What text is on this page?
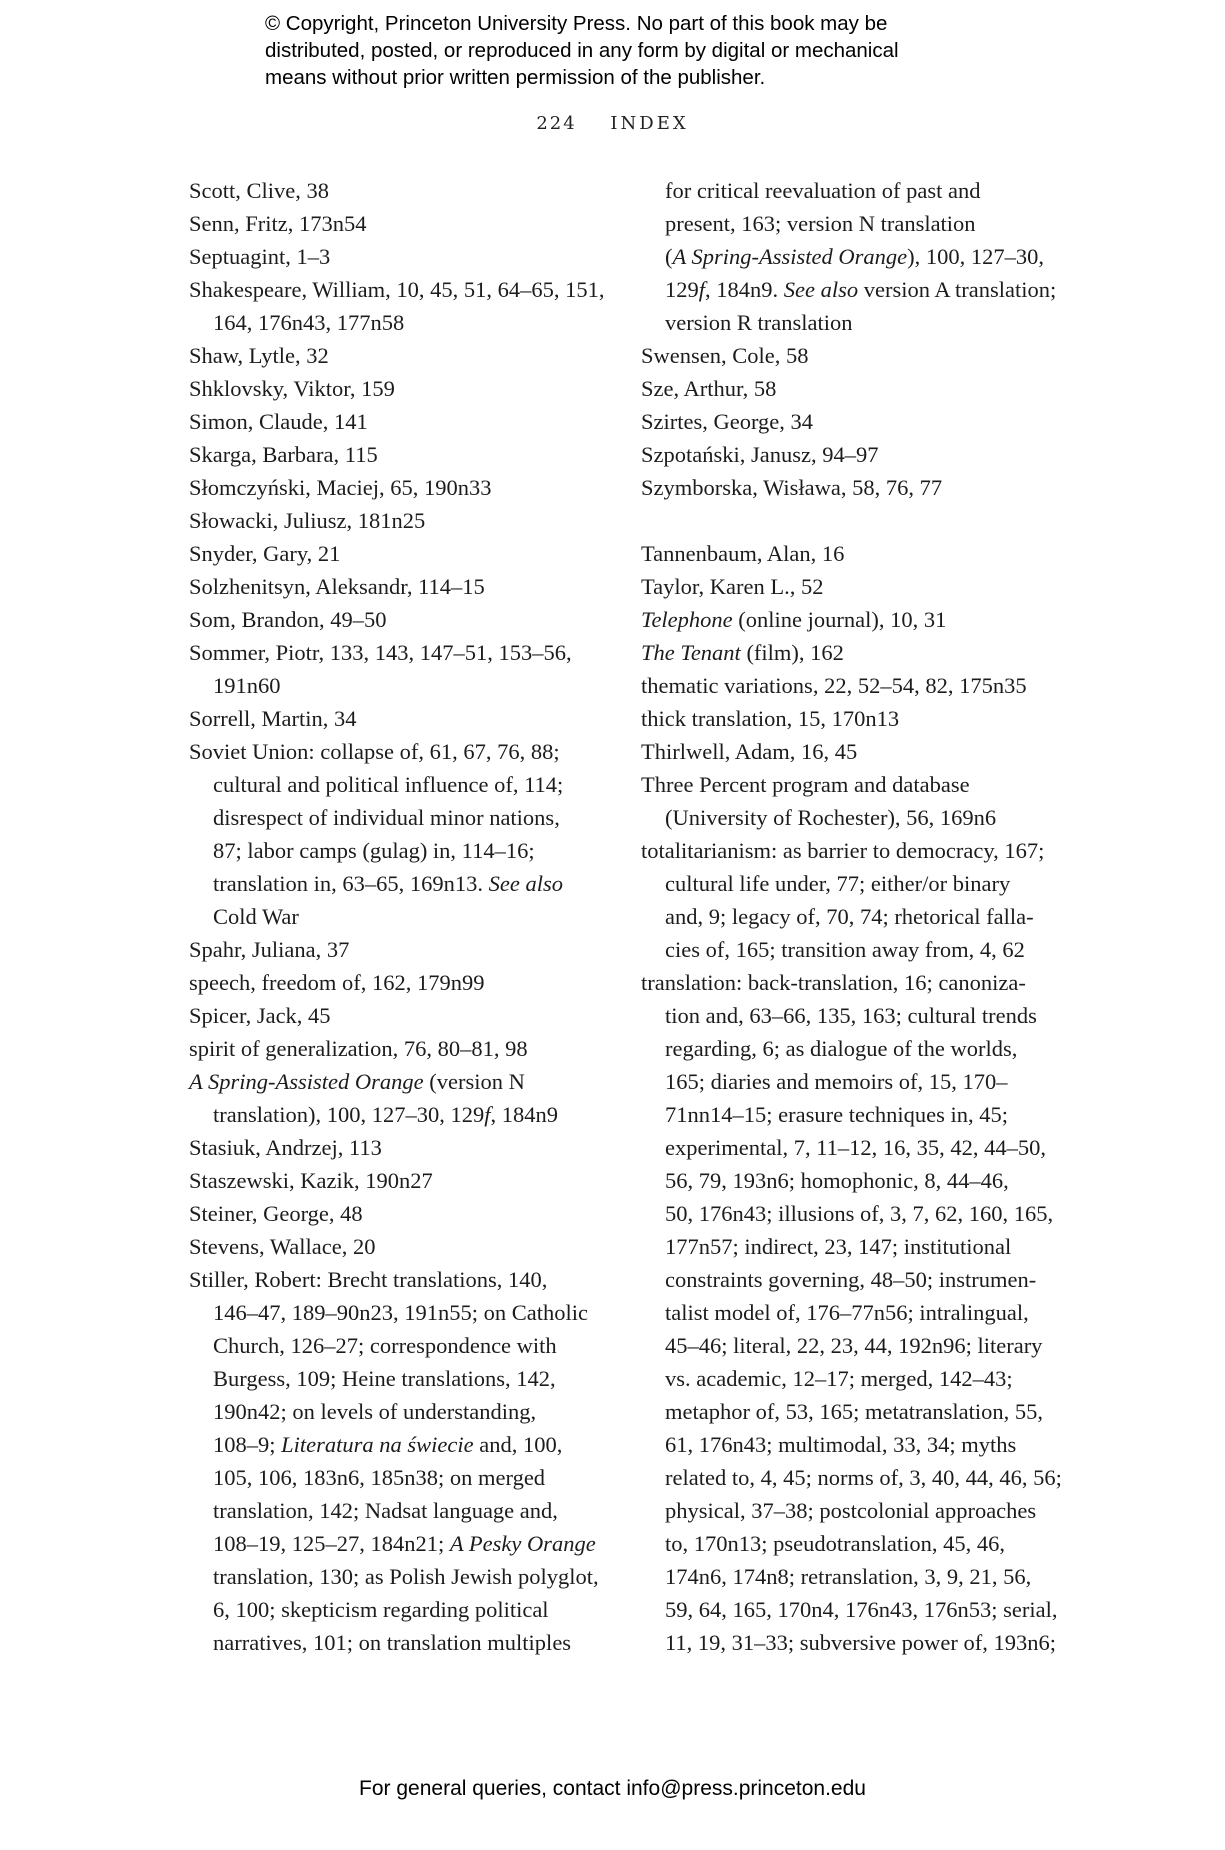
© Copyright, Princeton University Press. No part of this book may be
distributed, posted, or reproduced in any form by digital or mechanical
means without prior written permission of the publisher.
224 INDEX
Scott, Clive, 38
Senn, Fritz, 173n54
Septuagint, 1–3
Shakespeare, William, 10, 45, 51, 64–65, 151,
164, 176n43, 177n58
Shaw, Lytle, 32
Shklovsky, Viktor, 159
Simon, Claude, 141
Skarga, Barbara, 115
Słomczyński, Maciej, 65, 190n33
Słowacki, Juliusz, 181n25
Snyder, Gary, 21
Solzhenitsyn, Aleksandr, 114–15
Som, Brandon, 49–50
Sommer, Piotr, 133, 143, 147–51, 153–56,
191n60
Sorrell, Martin, 34
Soviet Union: collapse of, 61, 67, 76, 88;
cultural and political influence of, 114;
disrespect of individual minor nations,
87; labor camps (gulag) in, 114–16;
translation in, 63–65, 169n13. See also
Cold War
Spahr, Juliana, 37
speech, freedom of, 162, 179n99
Spicer, Jack, 45
spirit of generalization, 76, 80–81, 98
A Spring-Assisted Orange (version N
translation), 100, 127–30, 129f, 184n9
Stasiuk, Andrzej, 113
Staszewski, Kazik, 190n27
Steiner, George, 48
Stevens, Wallace, 20
Stiller, Robert: Brecht translations, 140,
146–47, 189–90n23, 191n55; on Catholic
Church, 126–27; correspondence with
Burgess, 109; Heine translations, 142,
190n42; on levels of understanding,
108–9; Literatura na świecie and, 100,
105, 106, 183n6, 185n38; on merged
translation, 142; Nadsat language and,
108–19, 125–27, 184n21; A Pesky Orange
translation, 130; as Polish Jewish polyglot,
6, 100; skepticism regarding political
narratives, 101; on translation multiples
for critical reevaluation of past and
present, 163; version N translation
(A Spring-Assisted Orange), 100, 127–30,
129f, 184n9. See also version A translation;
version R translation
Swensen, Cole, 58
Sze, Arthur, 58
Szirtes, George, 34
Szpotański, Janusz, 94–97
Szymborska, Wisława, 58, 76, 77
Tannenbaum, Alan, 16
Taylor, Karen L., 52
Telephone (online journal), 10, 31
The Tenant (film), 162
thematic variations, 22, 52–54, 82, 175n35
thick translation, 15, 170n13
Thirlwell, Adam, 16, 45
Three Percent program and database
(University of Rochester), 56, 169n6
totalitarianism: as barrier to democracy, 167;
cultural life under, 77; either/or binary
and, 9; legacy of, 70, 74; rhetorical falla-
cies of, 165; transition away from, 4, 62
translation: back-translation, 16; canoniza-
tion and, 63–66, 135, 163; cultural trends
regarding, 6; as dialogue of the worlds,
165; diaries and memoirs of, 15, 170–
71nn14–15; erasure techniques in, 45;
experimental, 7, 11–12, 16, 35, 42, 44–50,
56, 79, 193n6; homophonic, 8, 44–46,
50, 176n43; illusions of, 3, 7, 62, 160, 165,
177n57; indirect, 23, 147; institutional
constraints governing, 48–50; instrumen-
talist model of, 176–77n56; intralingual,
45–46; literal, 22, 23, 44, 192n96; literary
vs. academic, 12–17; merged, 142–43;
metaphor of, 53, 165; metatranslation, 55,
61, 176n43; multimodal, 33, 34; myths
related to, 4, 45; norms of, 3, 40, 44, 46, 56;
physical, 37–38; postcolonial approaches
to, 170n13; pseudotranslation, 45, 46,
174n6, 174n8; retranslation, 3, 9, 21, 56,
59, 64, 165, 170n4, 176n43, 176n53; serial,
11, 19, 31–33; subversive power of, 193n6;
For general queries, contact info@press.princeton.edu
